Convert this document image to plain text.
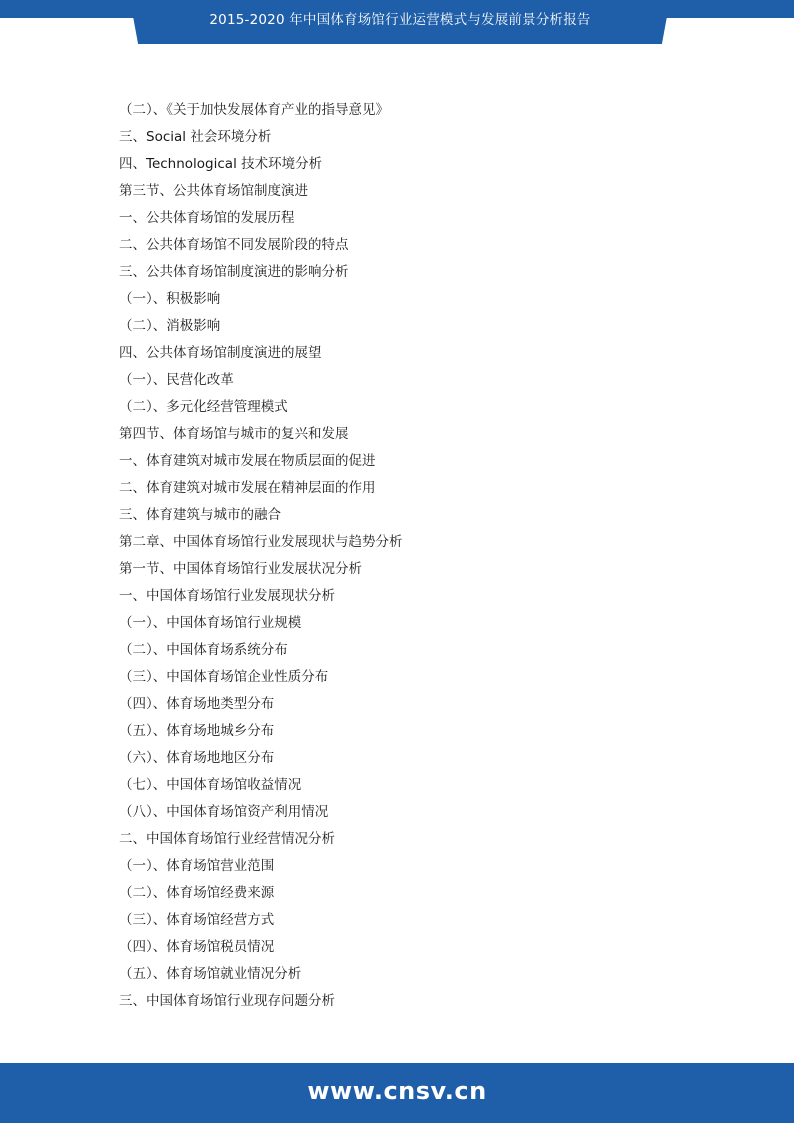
2015-2020 年中国体育场馆行业运营模式与发展前景分析报告
（二）、《关于加快发展体育产业的指导意见》
三、Social 社会环境分析
四、Technological 技术环境分析
第三节、公共体育场馆制度演进
一、公共体育场馆的发展历程
二、公共体育场馆不同发展阶段的特点
三、公共体育场馆制度演进的影响分析
（一）、积极影响
（二）、消极影响
四、公共体育场馆制度演进的展望
（一）、民营化改革
（二）、多元化经营管理模式
第四节、体育场馆与城市的复兴和发展
一、体育建筑对城市发展在物质层面的促进
二、体育建筑对城市发展在精神层面的作用
三、体育建筑与城市的融合
第二章、中国体育场馆行业发展现状与趋势分析
第一节、中国体育场馆行业发展状况分析
一、中国体育场馆行业发展现状分析
（一）、中国体育场馆行业规模
（二）、中国体育场系统分布
（三）、中国体育场馆企业性质分布
（四）、体育场地类型分布
（五）、体育场地城乡分布
（六）、体育场地地区分布
（七）、中国体育场馆收益情况
（八）、中国体育场馆资产利用情况
二、中国体育场馆行业经营情况分析
（一）、体育场馆营业范围
（二）、体育场馆经费来源
（三）、体育场馆经营方式
（四）、体育场馆税员情况
（五）、体育场馆就业情况分析
三、中国体育场馆行业现存问题分析
www.cnsv.cn
